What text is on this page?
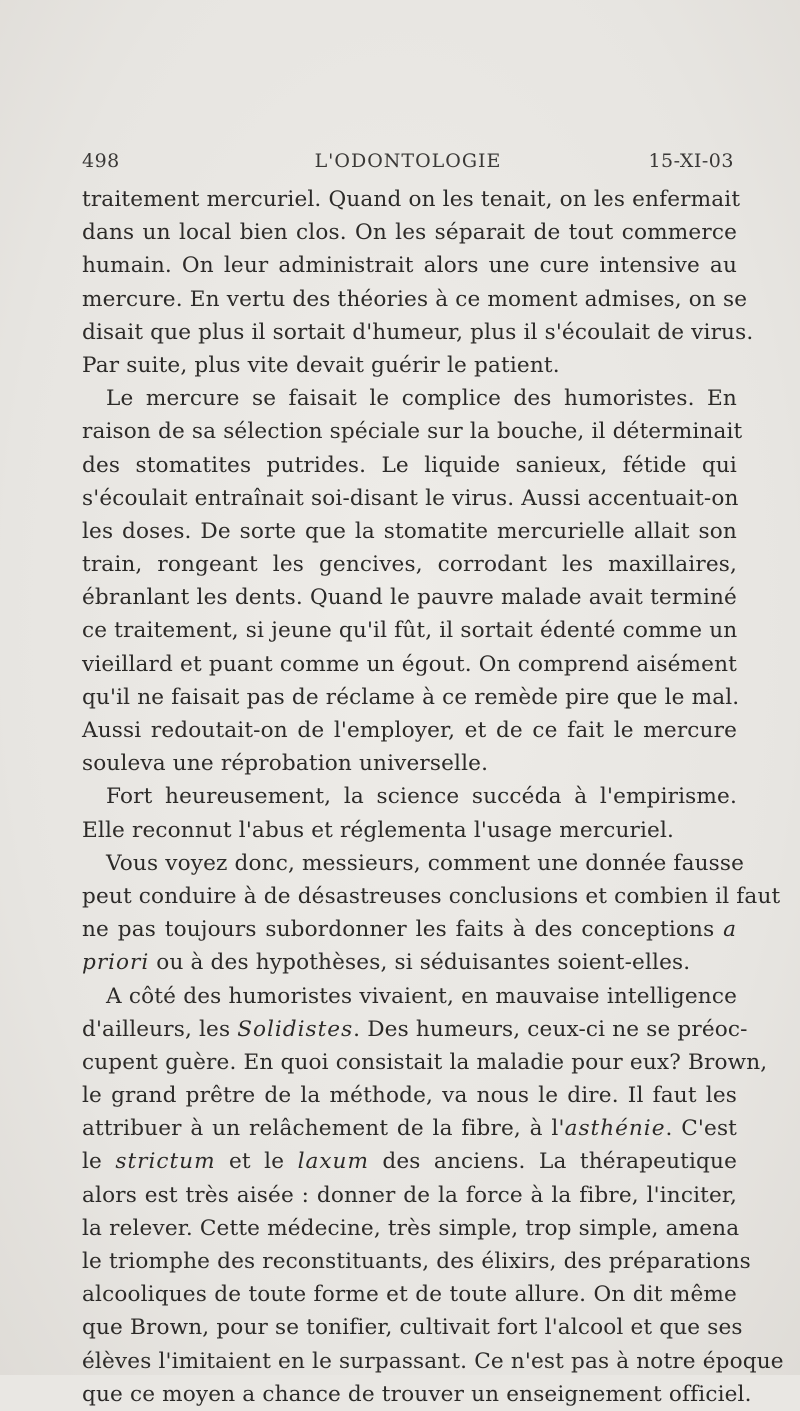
498	L'ODONTOLOGIE	15-XI-03
traitement mercuriel. Quand on les tenait, on les enfermait
dans un local bien clos. On les séparait de tout commerce
humain. On leur administrait alors une cure intensive au
mercure. En vertu des théories à ce moment admises, on se
disait que plus il sortait d'humeur, plus il s'écoulait de virus.
Par suite, plus vite devait guérir le patient.
Le mercure se faisait le complice des humoristes. En
raison de sa sélection spéciale sur la bouche, il déterminait
des stomatites putrides. Le liquide sanieux, fétide qui
s'écoulait entraînait soi-disant le virus. Aussi accentuait-on
les doses. De sorte que la stomatite mercurielle allait son
train, rongeant les gencives, corrodant les maxillaires,
ébranlant les dents. Quand le pauvre malade avait terminé
ce traitement, si jeune qu'il fût, il sortait édenté comme un
vieillard et puant comme un égout. On comprend aisément
qu'il ne faisait pas de réclame à ce remède pire que le mal.
Aussi redoutait-on de l'employer, et de ce fait le mercure
souleva une réprobation universelle.
Fort heureusement, la science succéda à l'empirisme.
Elle reconnut l'abus et réglementa l'usage mercuriel.
Vous voyez donc, messieurs, comment une donnée fausse
peut conduire à de désastreuses conclusions et combien il faut
ne pas toujours subordonner les faits à des conceptions a
priori ou à des hypothèses, si séduisantes soient-elles.
A côté des humoristes vivaient, en mauvaise intelligence
d'ailleurs, les Solidistes. Des humeurs, ceux-ci ne se préoc-
cupent guère. En quoi consistait la maladie pour eux? Brown,
le grand prêtre de la méthode, va nous le dire. Il faut les
attribuer à un relâchement de la fibre, à l'asthénie. C'est
le strictum et le laxum des anciens. La thérapeutique
alors est très aisée : donner de la force à la fibre, l'inciter,
la relever. Cette médecine, très simple, trop simple, amena
le triomphe des reconstituants, des élixirs, des préparations
alcooliques de toute forme et de toute allure. On dit même
que Brown, pour se tonifier, cultivait fort l'alcool et que ses
élèves l'imitaient en le surpassant. Ce n'est pas à notre époque
que ce moyen a chance de trouver un enseignement officiel.
